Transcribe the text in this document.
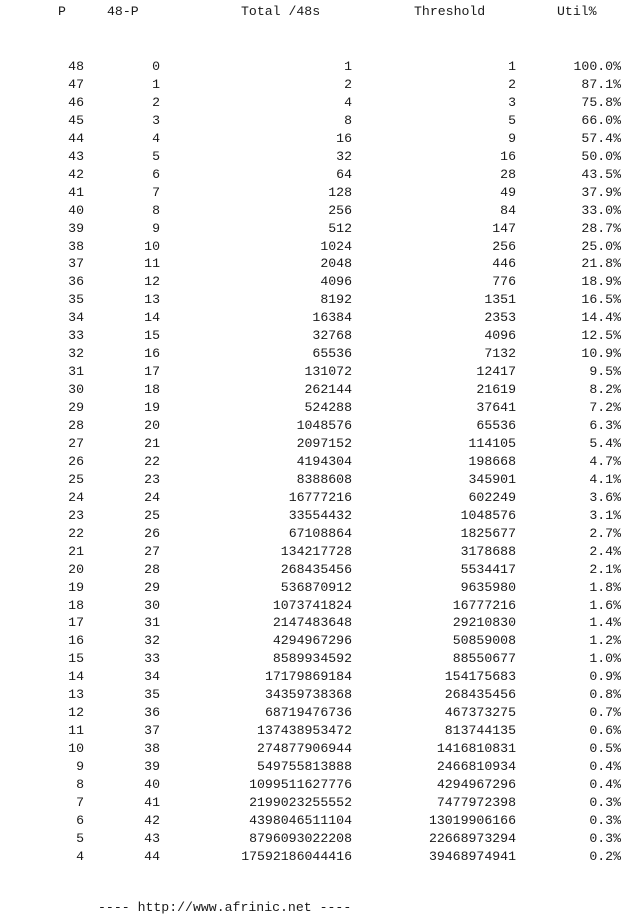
P	48-P	Total /48s	Threshold	Util%
48	0	1	1	100.0%
47	1	2	2	87.1%
46	2	4	3	75.8%
45	3	8	5	66.0%
44	4	16	9	57.4%
43	5	32	16	50.0%
42	6	64	28	43.5%
41	7	128	49	37.9%
40	8	256	84	33.0%
39	9	512	147	28.7%
38	10	1024	256	25.0%
37	11	2048	446	21.8%
36	12	4096	776	18.9%
35	13	8192	1351	16.5%
34	14	16384	2353	14.4%
33	15	32768	4096	12.5%
32	16	65536	7132	10.9%
31	17	131072	12417	9.5%
30	18	262144	21619	8.2%
29	19	524288	37641	7.2%
28	20	1048576	65536	6.3%
27	21	2097152	114105	5.4%
26	22	4194304	198668	4.7%
25	23	8388608	345901	4.1%
24	24	16777216	602249	3.6%
23	25	33554432	1048576	3.1%
22	26	67108864	1825677	2.7%
21	27	134217728	3178688	2.4%
20	28	268435456	5534417	2.1%
19	29	536870912	9635980	1.8%
18	30	1073741824	16777216	1.6%
17	31	2147483648	29210830	1.4%
16	32	4294967296	50859008	1.2%
15	33	8589934592	88550677	1.0%
14	34	17179869184	154175683	0.9%
13	35	34359738368	268435456	0.8%
12	36	68719476736	467373275	0.7%
11	37	137438953472	813744135	0.6%
10	38	274877906944	1416810831	0.5%
9	39	549755813888	2466810934	0.4%
8	40	1099511627776	4294967296	0.4%
7	41	2199023255552	7477972398	0.3%
6	42	4398046511104	13019906166	0.3%
5	43	8796093022208	22668973294	0.3%
4	44	17592186044416	39468974941	0.2%
---- http://www.afrinic.net ----
